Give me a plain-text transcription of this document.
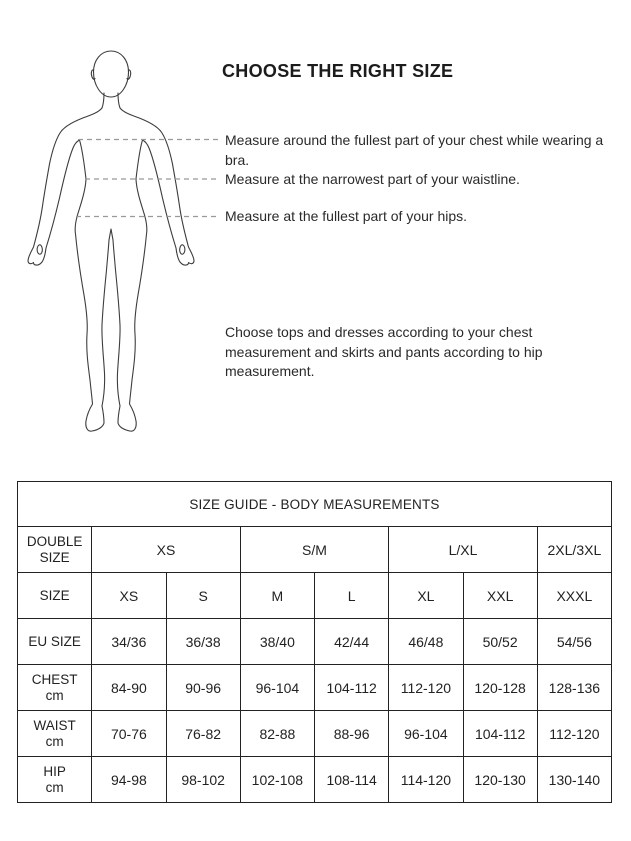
CHOOSE THE RIGHT SIZE

Measure around the fullest part of your chest while wearing a bra.

Measure at the narrowest part of your waistline.

Measure at the fullest part of your hips.

Choose tops and dresses according to your chest measurement and skirts and pants according to hip measurement.

SIZE GUIDE - BODY MEASUREMENTS							

DOUBLE
SIZE	XS		S/M		L/XL		2XL/3XL

SIZE	XS	S	M	L	XL	XXL	XXXL

EU SIZE	34/36	36/38	38/40	42/44	46/48	50/52	54/56

CHEST
cm	84-90	90-96	96-104	104-112	112-120	120-128	128-136

WAIST
cm	70-76	76-82	82-88	88-96	96-104	104-112	112-120

HIP
cm	94-98	98-102	102-108	108-114	114-120	120-130	130-140
